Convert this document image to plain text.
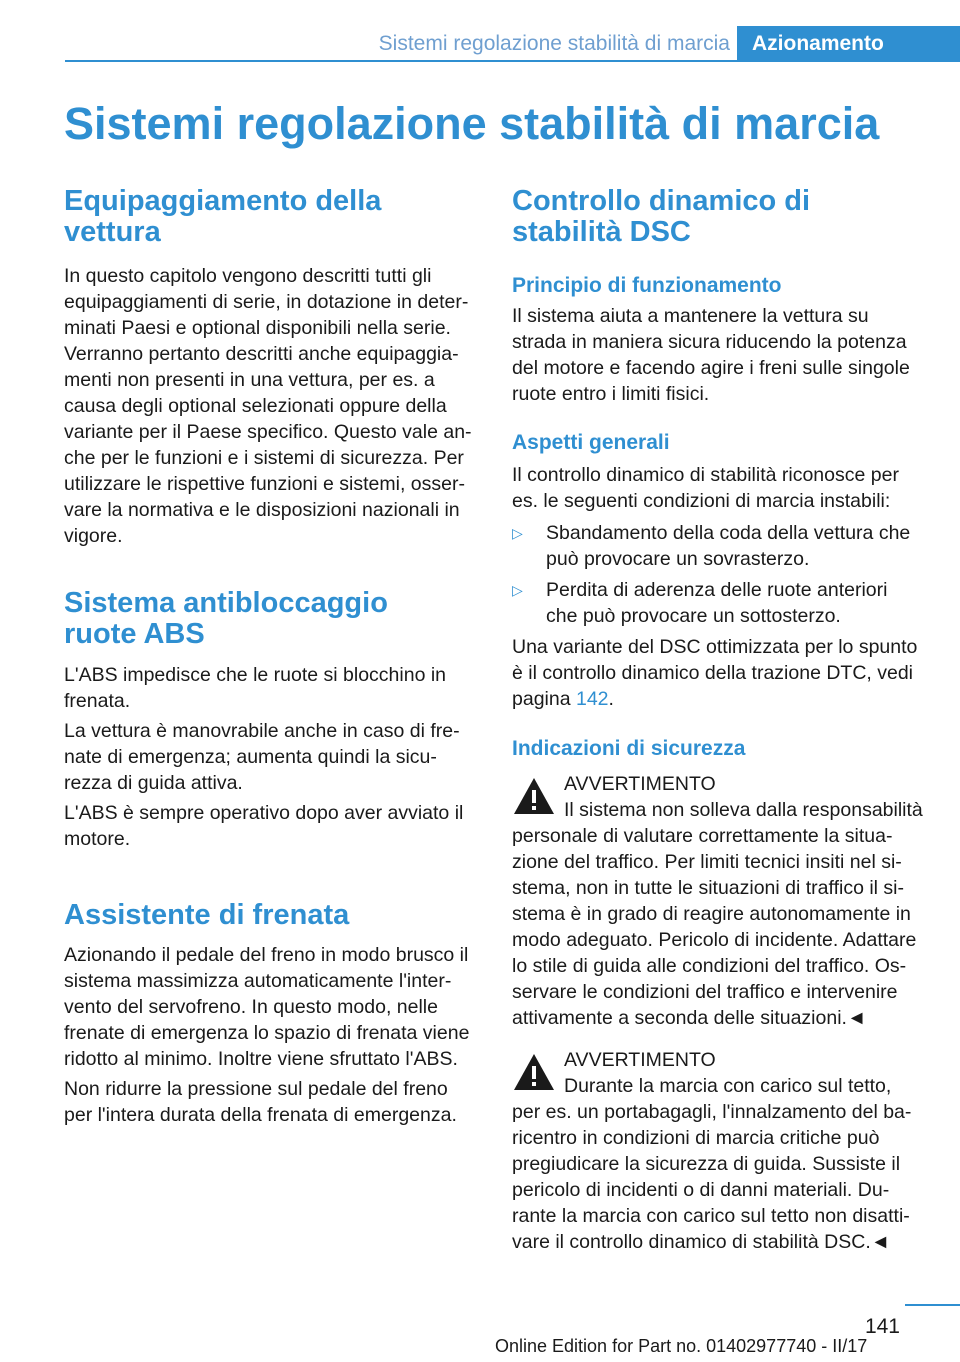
Sistemi regolazione stabilità di marcia	Azionamento
Sistemi regolazione stabilità di marcia
Equipaggiamento della
vettura
In questo capitolo vengono descritti tutti gli
equipaggiamenti di serie, in dotazione in deter‐
minati Paesi e optional disponibili nella serie.
Verranno pertanto descritti anche equipaggia‐
menti non presenti in una vettura, per es. a
causa degli optional selezionati oppure della
variante per il Paese specifico. Questo vale an‐
che per le funzioni e i sistemi di sicurezza. Per
utilizzare le rispettive funzioni e sistemi, osser‐
vare la normativa e le disposizioni nazionali in
vigore.
Sistema antibloccaggio
ruote ABS
L'ABS impedisce che le ruote si blocchino in
frenata.
La vettura è manovrabile anche in caso di fre‐
nate di emergenza; aumenta quindi la sicu‐
rezza di guida attiva.
L'ABS è sempre operativo dopo aver avviato il
motore.
Assistente di frenata
Azionando il pedale del freno in modo brusco il
sistema massimizza automaticamente l'inter‐
vento del servofreno. In questo modo, nelle
frenate di emergenza lo spazio di frenata viene
ridotto al minimo. Inoltre viene sfruttato l'ABS.
Non ridurre la pressione sul pedale del freno
per l'intera durata della frenata di emergenza.
Controllo dinamico di
stabilità DSC
Principio di funzionamento
Il sistema aiuta a mantenere la vettura su
strada in maniera sicura riducendo la potenza
del motore e facendo agire i freni sulle singole
ruote entro i limiti fisici.
Aspetti generali
Il controllo dinamico di stabilità riconosce per
es. le seguenti condizioni di marcia instabili:
▷ Sbandamento della coda della vettura che
può provocare un sovrasterzo.
▷ Perdita di aderenza delle ruote anteriori
che può provocare un sottosterzo.
Una variante del DSC ottimizzata per lo spunto
è il controllo dinamico della trazione DTC, vedi
pagina 142.
Indicazioni di sicurezza
AVVERTIMENTO
Il sistema non solleva dalla responsabilità
personale di valutare correttamente la situa‐
zione del traffico. Per limiti tecnici insiti nel si‐
stema, non in tutte le situazioni di traffico il si‐
stema è in grado di reagire autonomamente in
modo adeguato. Pericolo di incidente. Adattare
lo stile di guida alle condizioni del traffico. Os‐
servare le condizioni del traffico e intervenire
attivamente a seconda delle situazioni.◄
AVVERTIMENTO
Durante la marcia con carico sul tetto,
per es. un portabagagli, l'innalzamento del ba‐
ricentro in condizioni di marcia critiche può
pregiudicare la sicurezza di guida. Sussiste il
pericolo di incidenti o di danni materiali. Du‐
rante la marcia con carico sul tetto non disatti‐
vare il controllo dinamico di stabilità DSC.◄
141
Online Edition for Part no. 01402977740 - II/17
